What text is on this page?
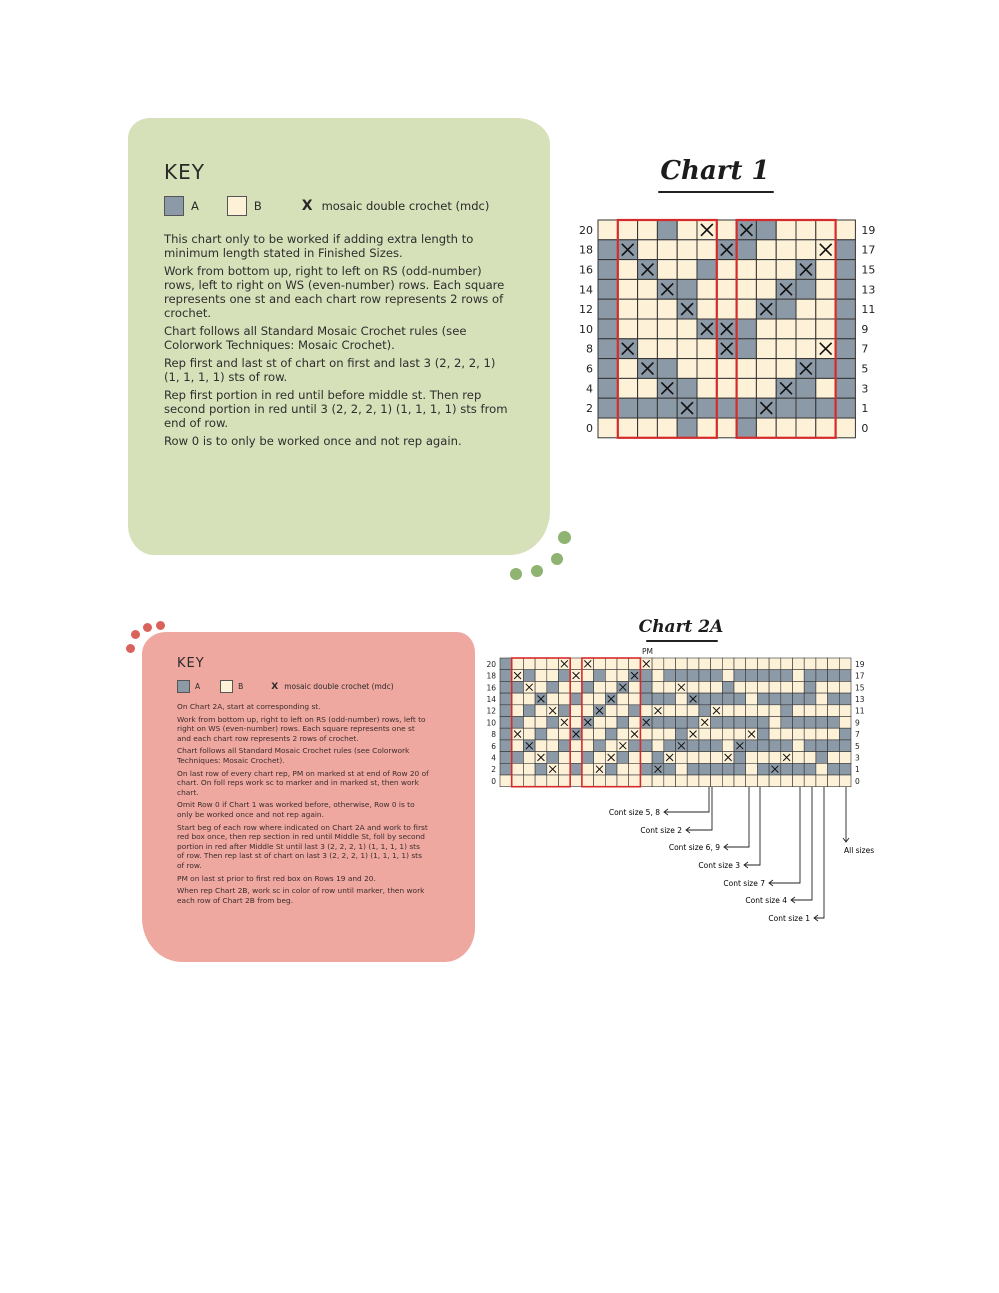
KEY
A	B	X mosaic double crochet (mdc)

This chart only to be worked if adding extra length to minimum length stated in Finished Sizes.

Work from bottom up, right to left on RS (odd-number) rows, left to right on WS (even-number) rows. Each square represents one st and each chart row represents 2 rows of crochet.

Chart follows all Standard Mosaic Crochet rules (see Colorwork Techniques: Mosaic Crochet).

Rep first and last st of chart on first and last 3 (2, 2, 2, 1) (1, 1, 1, 1) sts of row.

Rep first portion in red until before middle st. Then rep second portion in red until 3 (2, 2, 2, 1) (1, 1, 1, 1) sts from end of row.

Row 0 is to only be worked once and not rep again.

Chart 1
20	19
18	17
16	15
14	13
12	11
10	9
8	7
6	5
4	3
2	1
0	0
KEY
A	B	X mosaic double crochet (mdc)

On Chart 2A, start at corresponding st.

Work from bottom up, right to left on RS (odd-number) rows, left to right on WS (even-number) rows. Each square represents one st and each chart row represents 2 rows of crochet.

Chart follows all Standard Mosaic Crochet rules (see Colorwork Techniques: Mosaic Crochet).

On last row of every chart rep, PM on marked st at end of Row 20 of chart. On foll reps work sc to marker and in marked st, then work chart.

Omit Row 0 if Chart 1 was worked before, otherwise, Row 0 is to only be worked once and not rep again.

Start beg of each row where indicated on Chart 2A and work to first red box once, then rep section in red until Middle St, foll by second portion in red after Middle St until last 3 (2, 2, 2, 1) (1, 1, 1, 1) sts of row. Then rep last st of chart on last 3 (2, 2, 2, 1) (1, 1, 1, 1) sts of row.

PM on last st prior to first red box on Rows 19 and 20.

When rep Chart 2B, work sc in color of row until marker, then work each row of Chart 2B from beg.

Chart 2A
PM
20	19
18	17
16	15
14	13
12	11
10	9
8	7
6	5
4	3
2	1
0	0
Cont size 5, 8
Cont size 2
Cont size 6, 9
Cont size 3
Cont size 7
Cont size 4
Cont size 1
All sizes
